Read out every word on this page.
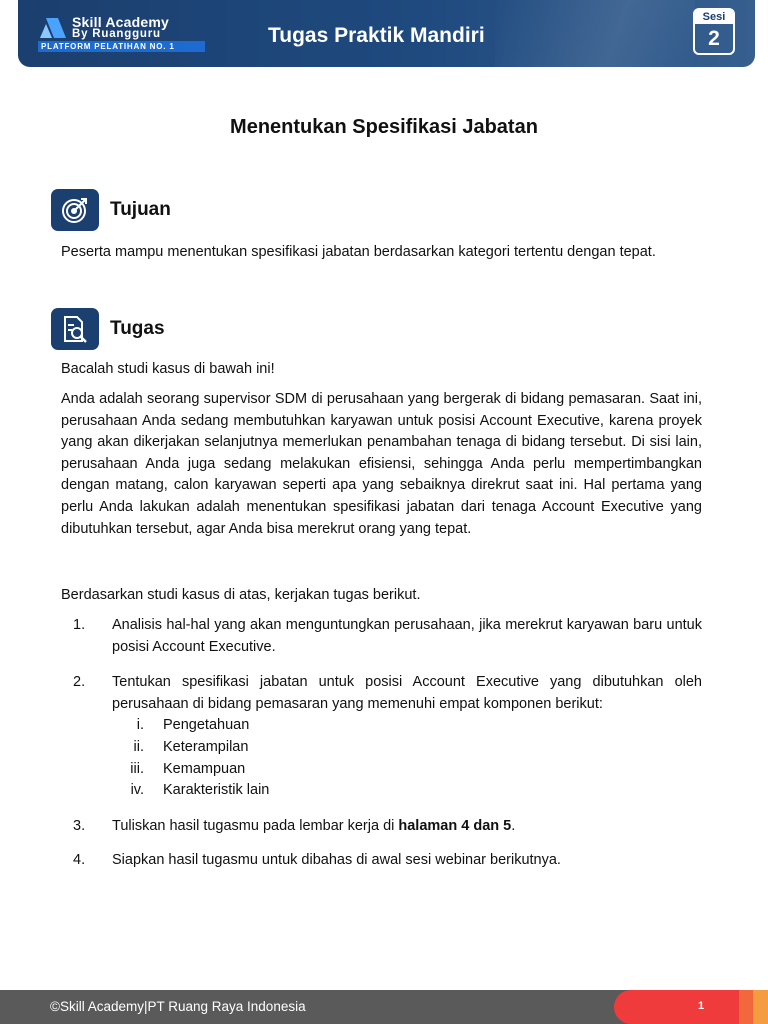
Skill Academy
By Ruangguru
PLATFORM PELATIHAN NO. 1	Tugas Praktik Mandiri
Sesi
2
Menentukan Spesifikasi Jabatan
Tujuan
Peserta mampu menentukan spesifikasi jabatan berdasarkan kategori tertentu dengan tepat.
Tugas
Bacalah studi kasus di bawah ini!
Anda adalah seorang supervisor SDM di perusahaan yang bergerak di bidang pemasaran. Saat ini, perusahaan Anda sedang membutuhkan karyawan untuk posisi Account Executive, karena proyek yang akan dikerjakan selanjutnya memerlukan penambahan tenaga di bidang tersebut. Di sisi lain, perusahaan Anda juga sedang melakukan efisiensi, sehingga Anda perlu mempertimbangkan dengan matang, calon karyawan seperti apa yang sebaiknya direkrut saat ini. Hal pertama yang perlu Anda lakukan adalah menentukan spesifikasi jabatan dari tenaga Account Executive yang dibutuhkan tersebut, agar Anda bisa merekrut orang yang tepat.
Berdasarkan studi kasus di atas, kerjakan tugas berikut.
1. Analisis hal-hal yang akan menguntungkan perusahaan, jika merekrut karyawan baru untuk posisi Account Executive.
2. Tentukan spesifikasi jabatan untuk posisi Account Executive yang dibutuhkan oleh perusahaan di bidang pemasaran yang memenuhi empat komponen berikut:
i. Pengetahuan
ii. Keterampilan
iii. Kemampuan
iv. Karakteristik lain
3. Tuliskan hasil tugasmu pada lembar kerja di halaman 4 dan 5.
4. Siapkan hasil tugasmu untuk dibahas di awal sesi webinar berikutnya.
©Skill Academy|PT Ruang Raya Indonesia	1
